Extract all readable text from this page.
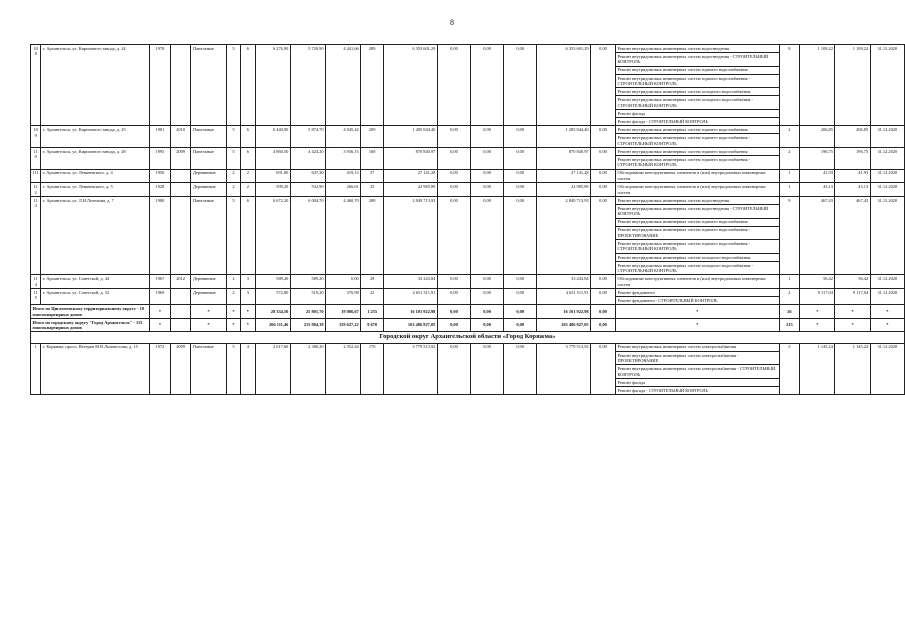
8
108	г. Архангельск, ул. Кирпичного завода, д. 24	1978		Панельные	5	6	6 276,90	5 720,90	4 441,66	289	6 353 601,29	0,00	0,00	0,00	6 353 601,29	0,00	Ремонт внутридомовых инженерных систем водоотведения	8	1 109,22	1 109,22	31.12.2020
																	Ремонт внутридомовых инженерных систем водоотведения - СТРОИТЕЛЬНЫЙ КОНТРОЛЬ				
																	Ремонт внутридомовых инженерных систем горячего водоснабжения				
																	Ремонт внутридомовых инженерных систем горячего водоснабжения - СТРОИТЕЛЬНЫЙ КОНТРОЛЬ				
																	Ремонт внутридомовых инженерных систем холодного водоснабжения				
																	Ремонт внутридомовых инженерных систем холодного водоснабжения - СТРОИТЕЛЬНЫЙ КОНТРОЛЬ				
																	Ремонт фасада				
																	Ремонт фасада - СТРОИТЕЛЬНЫЙ КОНТРОЛЬ				
109	г. Архангельск, ул. Кирпичного завода, д. 25	1981	2010	Панельные	5	6	6 440,90	5 874,70	4 045,42	209	1 285 044,40	0,00	0,00	0,00	1 285 044,40	0,00	Ремонт внутридомовых инженерных систем горячего водоснабжения	2	206,85	206,85	31.12.2020
																	Ремонт внутридомовых инженерных систем горячего водоснабжения - СТРОИТЕЛЬНЫЙ КОНТРОЛЬ				
110	г. Архангельск, ул. Кирпичного завода, д. 28	1995	2009	Панельные	5	6	4 860,50	4 424,20	3 936,15	168	870 840,97	0,00	0,00	0,00	870 840,97	0,00	Ремонт внутридомовых инженерных систем горячего водоснабжения	2	196,75	196,75	31.12.2020
																	Ремонт внутридомовых инженерных систем горячего водоснабжения - СТРОИТЕЛЬНЫЙ КОНТРОЛЬ				
111	г. Архангельск, ул. Леваневского, д. 4	1950		Деревянные	2	2	691,80	647,30	419,13	37	27 141,28	0,00	0,00	0,00	27 141,28	0,00	Обследование конструктивных элементов и (или) внутридомовых инженерных систем	1	41,93	41,93	31.12.2020
112	г. Архангельск, ул. Леваневского, д. 5	1928		Деревянные	2	2	599,20	532,90	266,61	25	22 985,89	0,00	0,00	0,00	22 985,89	0,00	Обследование конструктивных элементов и (или) внутридомовых инженерных систем	1	43,13	43,13	31.12.2020
113	г. Архангельск, ул. Л.Н.Лочехина, д. 7	1980		Панельные	5	6	6 672,20	6 004,70	4 460,70	288	2 849 713,93	0,00	0,00	0,00	2 849 713,93	0,00	Ремонт внутридомовых инженерных систем водоотведения	9	467,43	467,43	31.12.2020
																	Ремонт внутридомовых инженерных систем водоотведения - СТРОИТЕЛЬНЫЙ КОНТРОЛЬ				
																	Ремонт внутридомовых инженерных систем горячего водоснабжения				
																	Ремонт внутридомовых инженерных систем горячего водоснабжения - ПРОЕКТИРОВАНИЕ				
																	Ремонт внутридомовых инженерных систем горячего водоснабжения - СТРОИТЕЛЬНЫЙ КОНТРОЛЬ				
																	Ремонт внутридомовых инженерных систем холодного водоснабжения				
																	Ремонт внутридомовых инженерных систем холодного водоснабжения - СТРОИТЕЛЬНЫЙ КОНТРОЛЬ				
114	г. Архангельск, ул. Советской, д. 44	1967	2012	Деревянные	2	3	589,20	589,20	0,00	29	33 243,84	0,00	0,00	0,00	33 243,84	0,00	Обследование конструктивных элементов и (или) внутридомовых инженерных систем	1	56,42	56,42	31.12.2020
115	г. Архангельск, ул. Советской, д. 52	1969		Деревянные	2	3	572,80	510,20	376,98	22	4 651 511,91	0,00	0,00	0,00	4 651 511,91	0,00	Ремонт фундамента	2	9 117,04	9 117,04	31.12.2020
																	Ремонт фундамента - СТРОИТЕЛЬНЫЙ КОНТРОЛЬ				
Итого по Цигломенскому территориальному округу - 10 многоквартирных домов		*		*	*	*	28 334,50	25 801,70	19 086,67	1 255	16 101 922,98	0,00	0,00	0,00	16 101 922,98	0,00	*	26	*	*	*
Итого по городскому округу "Город Архангельск" - 115 многоквартирных домов		*		*	*	*	206 111,46	215 984,18	159 627,22	9 670	163 486 827,05	0,00	0,00	0,00	163 486 827,05	0,00	*	215	*	*	*
Городской округ Архангельской области «Город Коряжма»																					
1	г. Коряжма, просп. Ветеран М.В.Ломоносова, д. 15	1972	2009	Панельные	5	4	2 617,60	2 380,20	2 352,44	170	3 779 513,92	0,00	0,00	0,00	3 779 513,92	0,00	Ремонт внутридомовых инженерных систем электроснабжения	5	1 145,24	1 145,24	31.12.2020
																	Ремонт внутридомовых инженерных систем электроснабжения - ПРОЕКТИРОВАНИЕ				
																	Ремонт внутридомовых инженерных систем электроснабжения - СТРОИТЕЛЬНЫЙ КОНТРОЛЬ				
																	Ремонт фасада				
																	Ремонт фасада - СТРОИТЕЛЬНЫЙ КОНТРОЛЬ				
